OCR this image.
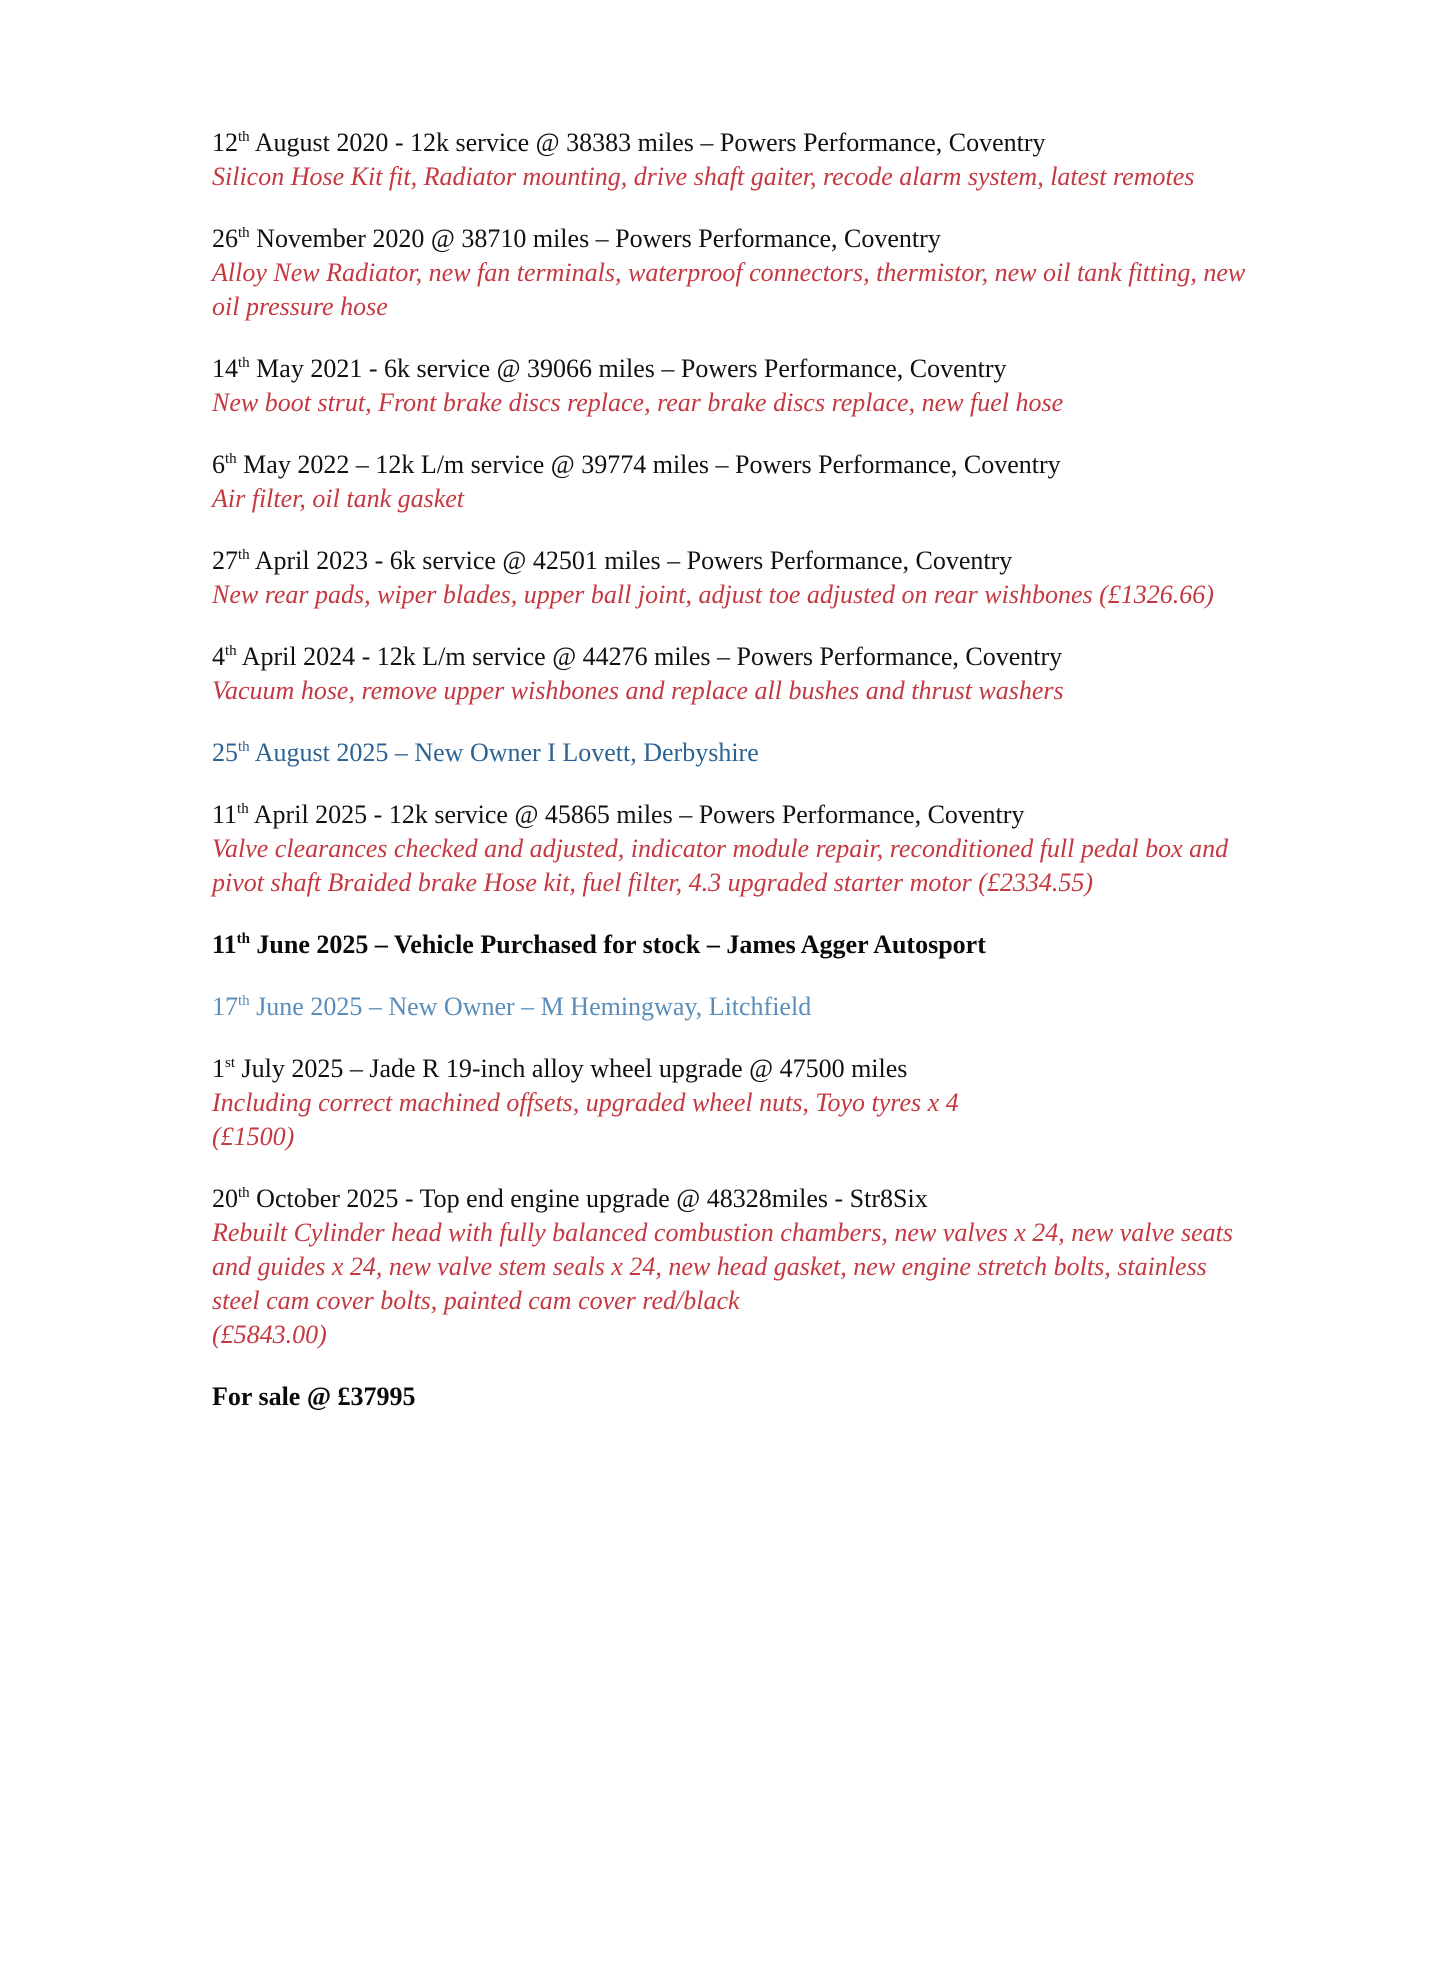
12th August 2020 - 12k service @ 38383 miles – Powers Performance, Coventry

Silicon Hose Kit fit, Radiator mounting, drive shaft gaiter, recode alarm system, latest remotes

26th November 2020 @ 38710 miles – Powers Performance, Coventry

Alloy New Radiator, new fan terminals, waterproof connectors, thermistor, new oil tank fitting, new oil pressure hose

14th May 2021 - 6k service @ 39066 miles – Powers Performance, Coventry

New boot strut, Front brake discs replace, rear brake discs replace, new fuel hose

6th May 2022 – 12k L/m service @ 39774 miles – Powers Performance, Coventry

Air filter, oil tank gasket

27th April 2023 - 6k service @ 42501 miles – Powers Performance, Coventry

New rear pads, wiper blades, upper ball joint, adjust toe adjusted on rear wishbones (£1326.66)

4th April 2024 - 12k L/m service @ 44276 miles – Powers Performance, Coventry

Vacuum hose, remove upper wishbones and replace all bushes and thrust washers

25th August 2025 – New Owner I Lovett, Derbyshire
11th April 2025 - 12k service @ 45865 miles – Powers Performance, Coventry

Valve clearances checked and adjusted, indicator module repair, reconditioned full pedal box and pivot shaft Braided brake Hose kit, fuel filter, 4.3 upgraded starter motor (£2334.55)

11th June 2025 – Vehicle Purchased for stock – James Agger Autosport
17th June 2025 – New Owner – M Hemingway, Litchfield
1st July 2025 – Jade R 19-inch alloy wheel upgrade @ 47500 miles

Including correct machined offsets, upgraded wheel nuts, Toyo tyres x 4

(£1500)

20th October 2025 - Top end engine upgrade @ 48328miles - Str8Six

Rebuilt Cylinder head with fully balanced combustion chambers, new valves x 24, new valve seats and guides x 24, new valve stem seals x 24, new head gasket, new engine stretch bolts, stainless steel cam cover bolts, painted cam cover red/black

(£5843.00)

For sale @ £37995
